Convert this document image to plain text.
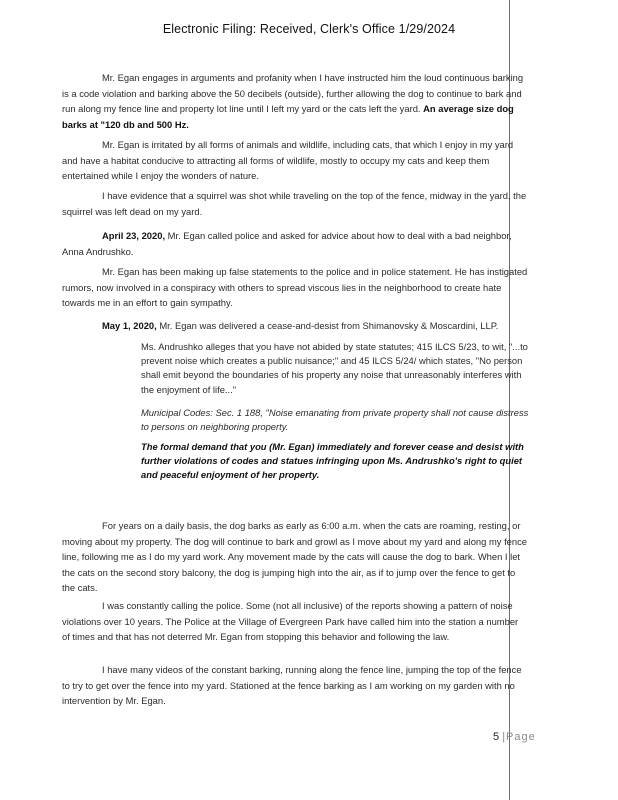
Electronic Filing: Received, Clerk's Office 1/29/2024

Mr. Egan engages in arguments and profanity when I have instructed him the loud continuous barking is a code violation and barking above the 50 decibels (outside), further allowing the dog to continue to bark and run along my fence line and property lot line until I left my yard or the cats left the yard. An average size dog barks at "120 db and 500 Hz.

Mr. Egan is irritated by all forms of animals and wildlife, including cats, that which I enjoy in my yard and have a habitat conducive to attracting all forms of wildlife, mostly to occupy my cats and keep them entertained while I enjoy the wonders of nature.

I have evidence that a squirrel was shot while traveling on the top of the fence, midway in the yard, the squirrel was left dead on my yard.

April 23, 2020, Mr. Egan called police and asked for advice about how to deal with a bad neighbor, Anna Andrushko.

Mr. Egan has been making up false statements to the police and in police statement. He has instigated rumors, now involved in a conspiracy with others to spread viscous lies in the neighborhood to create hate towards me in an effort to gain sympathy.

May 1, 2020, Mr. Egan was delivered a cease-and-desist from Shimanovsky & Moscardini, LLP.

Ms. Andrushko alleges that you have not abided by state statutes; 415 ILCS 5/23, to wit, "...to prevent noise which creates a public nuisance;" and 45 ILCS 5/24/ which states, "No person shall emit beyond the boundaries of his property any noise that unreasonably interferes with the enjoyment of life..."

Municipal Codes: Sec. 1 188, "Noise emanating from private property shall not cause distress to persons on neighboring property.

The formal demand that you (Mr. Egan) immediately and forever cease and desist with further violations of codes and statues infringing upon Ms. Andrushko's right to quiet and peaceful enjoyment of her property.

For years on a daily basis, the dog barks as early as 6:00 a.m. when the cats are roaming, resting, or moving about my property. The dog will continue to bark and growl as I move about my yard and along my fence line, following me as I do my yard work. Any movement made by the cats will cause the dog to bark. When I let the cats on the second story balcony, the dog is jumping high into the air, as if to jump over the fence to get to the cats.

I was constantly calling the police. Some (not all inclusive) of the reports showing a pattern of noise violations over 10 years. The Police at the Village of Evergreen Park have called him into the station a number of times and that has not deterred Mr. Egan from stopping this behavior and following the law.

I have many videos of the constant barking, running along the fence line, jumping the top of the fence to try to get over the fence into my yard. Stationed at the fence barking as I am working on my garden with no intervention by Mr. Egan.

5 |Page
